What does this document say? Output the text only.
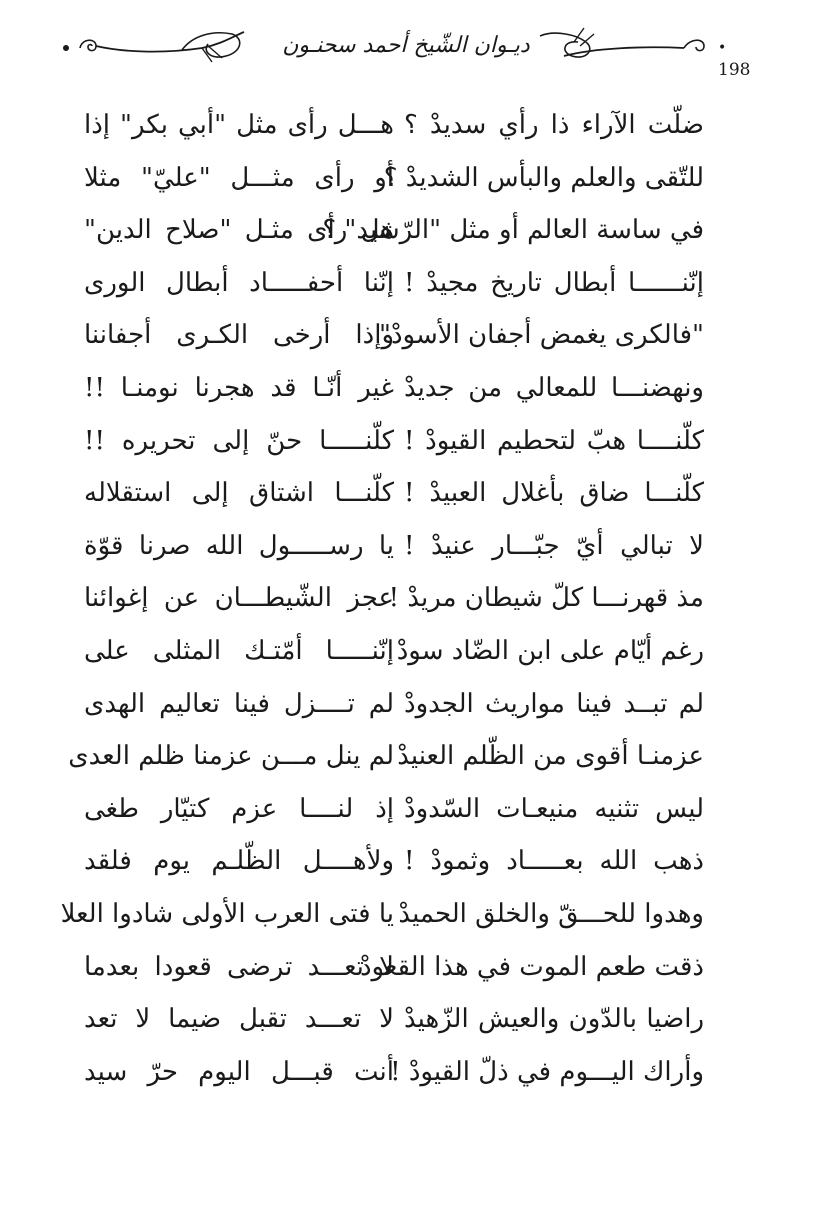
ديـوان الشّيخ أحمد سحنـون	• 198
هـــل رأى مثل "أبي بكر" إذا ضلّت الآراء ذا رأي سديدْ ؟
أو رأى مثـــل "عليّ" مثلا
للتّقى والعلم والبأس الشديدْ ؟
هل رأى مثـل "صلاح الدين"
في ساسة العالم أو مثل "الرّشيد" ؟
إنّنا أحفـــــاد أبطال الورى إنّنــــــا أبطال تاريخ مجيدْ !
وإذا أرخى الكـرى أجفاننا
"فالكرى يغمض أجفان الأسودْ"
غير أنّـا قد هجرنا نومنـا !! ونهضنـــا للمعالي من جديدْ
كلّنـــــا حنّ إلى تحريره !! كلّنــــا هبّ لتحطيم القيودْ !
كلّنـــا اشتاق إلى استقلاله كلّنـــا ضاق بأغلال العبيدْ !
يا رســـــول الله صرنا قوّة لا تبالي أيّ جبّـــار عنيدْ !
عجز الشّيطـــان عن إغوائنا
مذ قهرنـــا كلّ شيطان مريدْ !
إنّنـــــا أمّتـك المثلى على رغم أيّام على ابن الضّاد سودْ
لم تــــزل فينا تعاليم الهدى لم تبــد فينا مواريث الجدودْ
لم ينل مـــن عزمنا ظلم العدى عزمنـا أقوى من الظّلم العنيدْ
إذ لنــــا عزم كتيّار طغى ليس تثنيه منيعـات السّدودْ
ولأهــــل الظّلـم يوم فلقد ذهب الله بعـــــاد وثمودْ !
يا فتى العرب الأولى شادوا العلا وهدوا للحـــقّ والخلق الحميدْ
لا تعـــد ترضى قعودا بعدما
ذقت طعم الموت في هذا القعودْ
لا تعـــد تقبل ضيما لا تعد راضيا بالدّون والعيش الزّهيدْ
أنت قبـــل اليوم حرّ سيد
وأراك اليـــوم في ذلّ القيودْ !
